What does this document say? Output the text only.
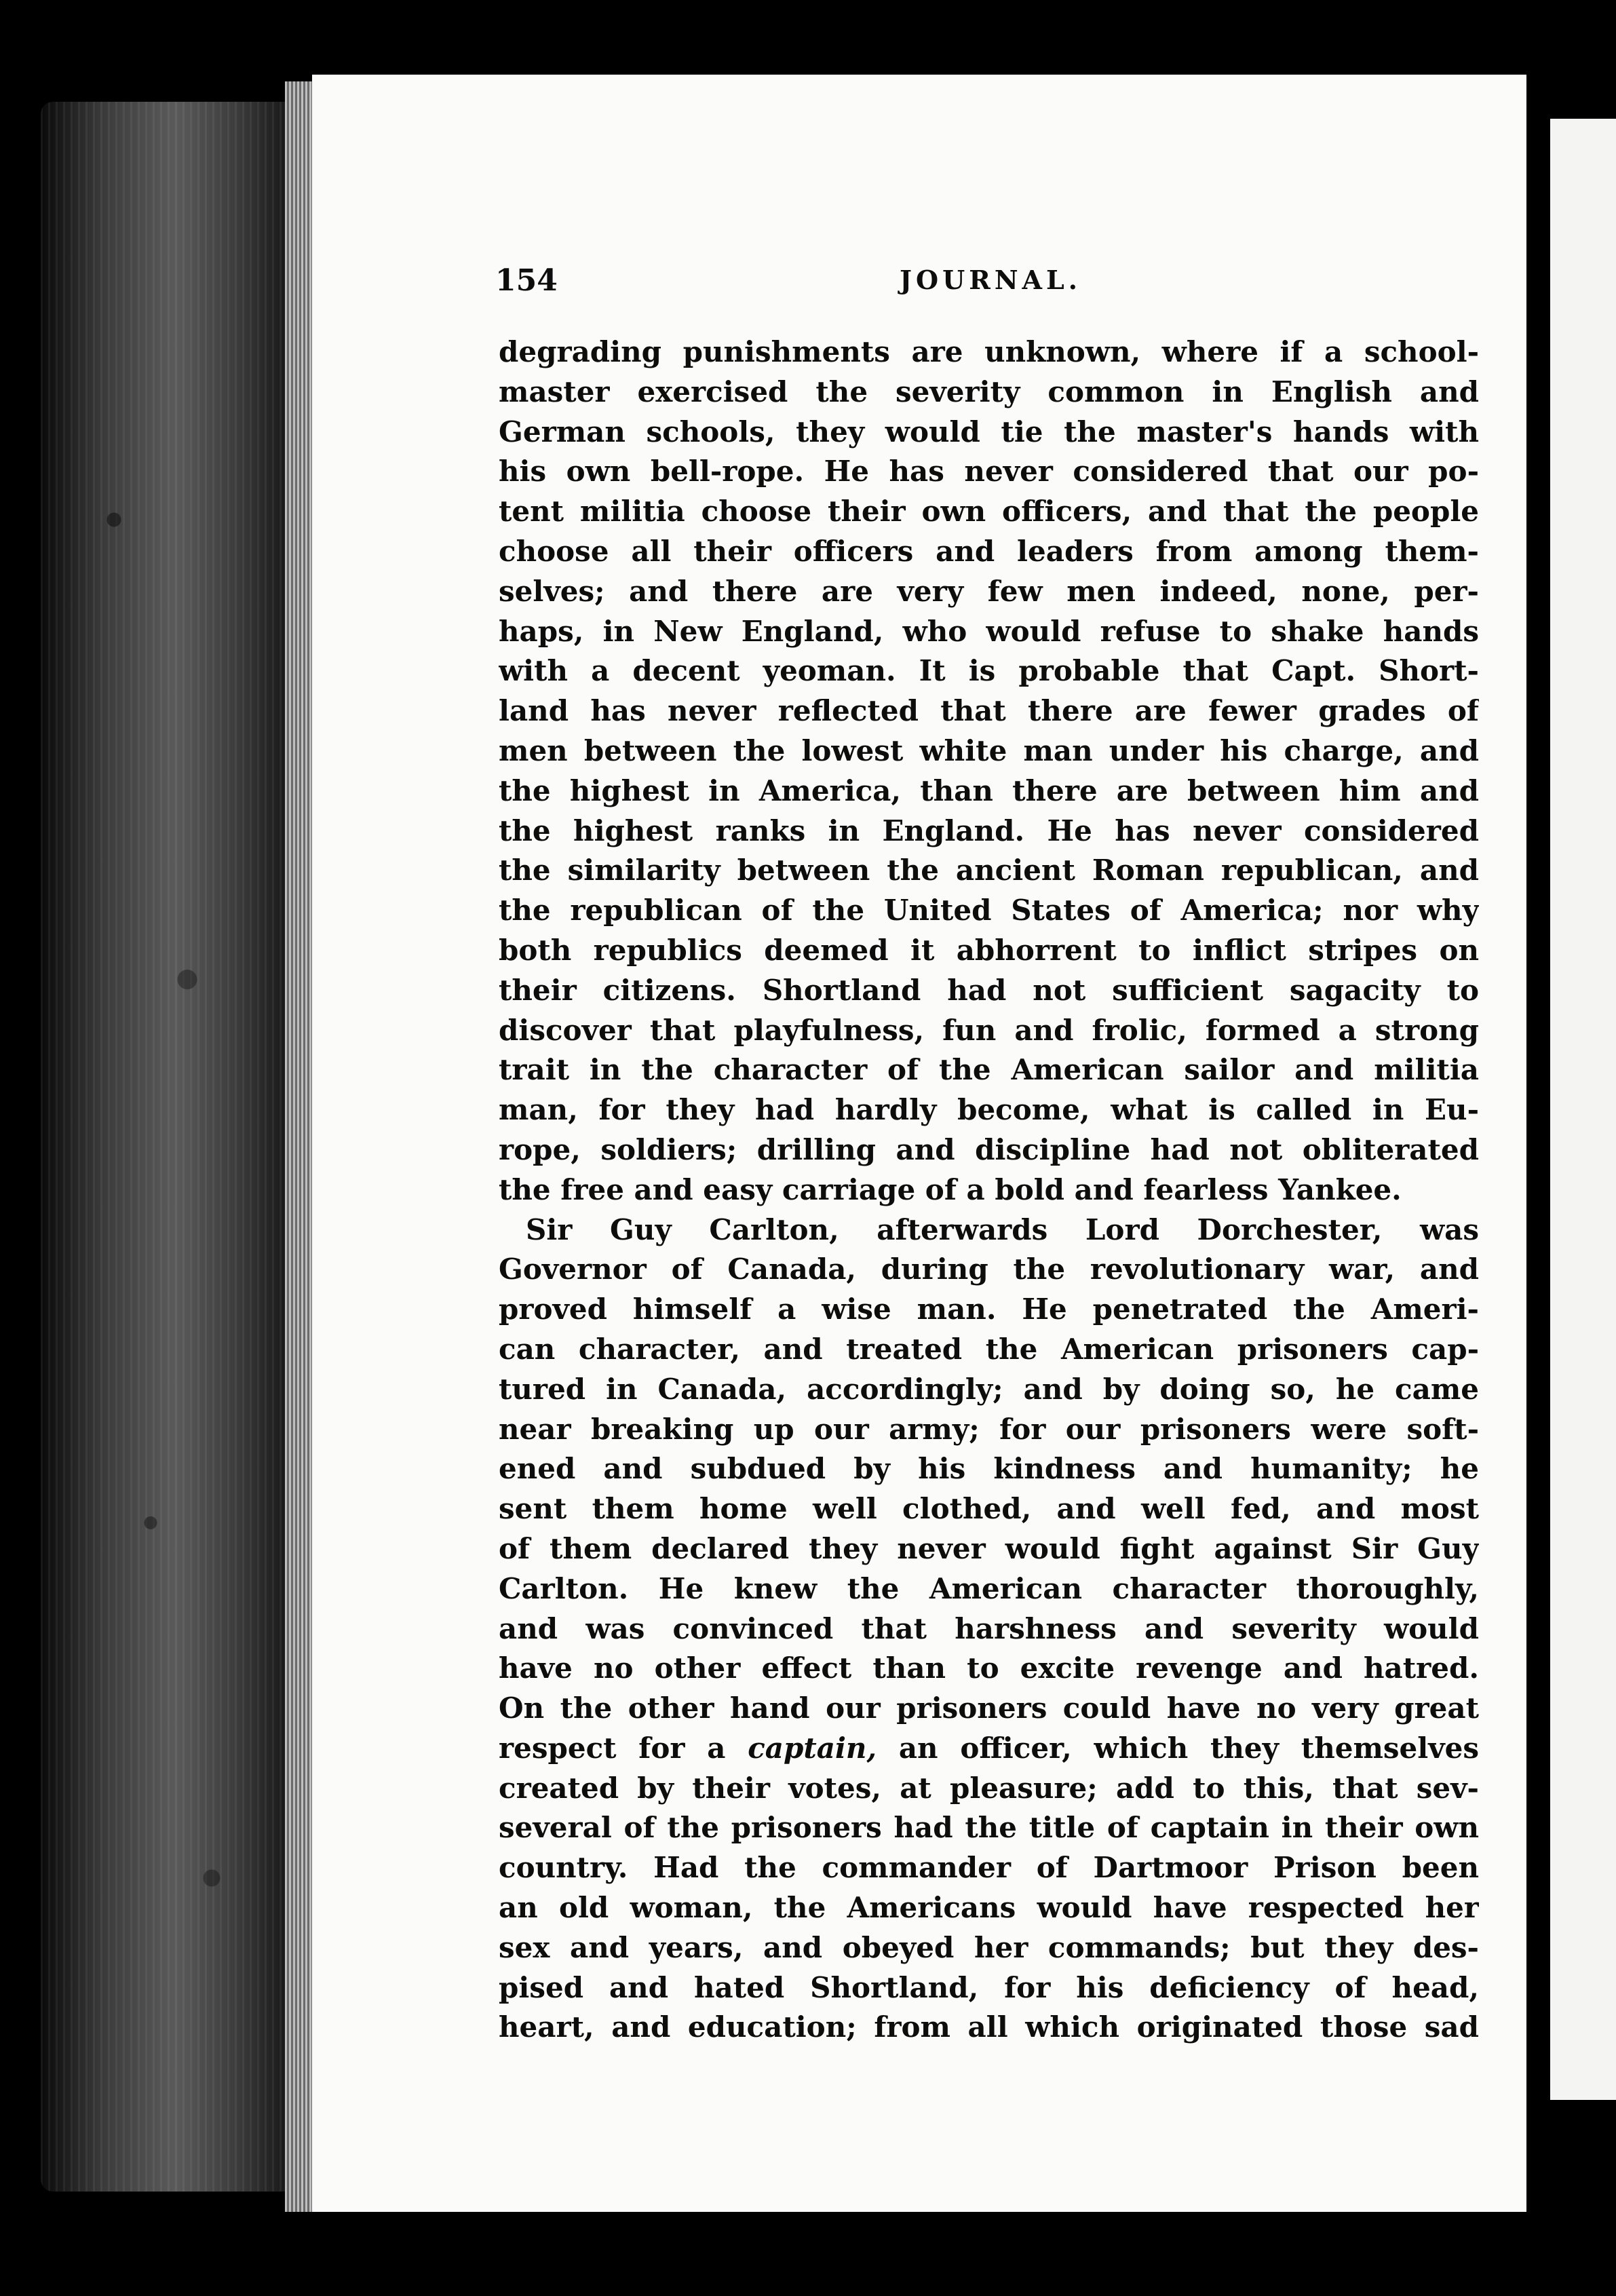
154	JOURNAL.
degrading punishments are unknown, where if a school-
master exercised the severity common in English and
German schools, they would tie the master's hands with
his own bell-rope. He has never considered that our po-
tent militia choose their own officers, and that the people
choose all their officers and leaders from among them-
selves; and there are very few men indeed, none, per-
haps, in New England, who would refuse to shake hands
with a decent yeoman. It is probable that Capt. Short-
land has never reflected that there are fewer grades of
men between the lowest white man under his charge, and
the highest in America, than there are between him and
the highest ranks in England. He has never considered
the similarity between the ancient Roman republican, and
the republican of the United States of America; nor why
both republics deemed it abhorrent to inflict stripes on
their citizens. Shortland had not sufficient sagacity to
discover that playfulness, fun and frolic, formed a strong
trait in the character of the American sailor and militia
man, for they had hardly become, what is called in Eu-
rope, soldiers; drilling and discipline had not obliterated
the free and easy carriage of a bold and fearless Yankee.
Sir Guy Carlton, afterwards Lord Dorchester, was
Governor of Canada, during the revolutionary war, and
proved himself a wise man. He penetrated the Ameri-
can character, and treated the American prisoners cap-
tured in Canada, accordingly; and by doing so, he came
near breaking up our army; for our prisoners were soft-
ened and subdued by his kindness and humanity; he
sent them home well clothed, and well fed, and most
of them declared they never would fight against Sir Guy
Carlton. He knew the American character thoroughly,
and was convinced that harshness and severity would
have no other effect than to excite revenge and hatred.
On the other hand our prisoners could have no very great
respect for a captain, an officer, which they themselves
created by their votes, at pleasure; add to this, that sev-
several of the prisoners had the title of captain in their own
country. Had the commander of Dartmoor Prison been
an old woman, the Americans would have respected her
sex and years, and obeyed her commands; but they des-
pised and hated Shortland, for his deficiency of head,
heart, and education; from all which originated those sad
